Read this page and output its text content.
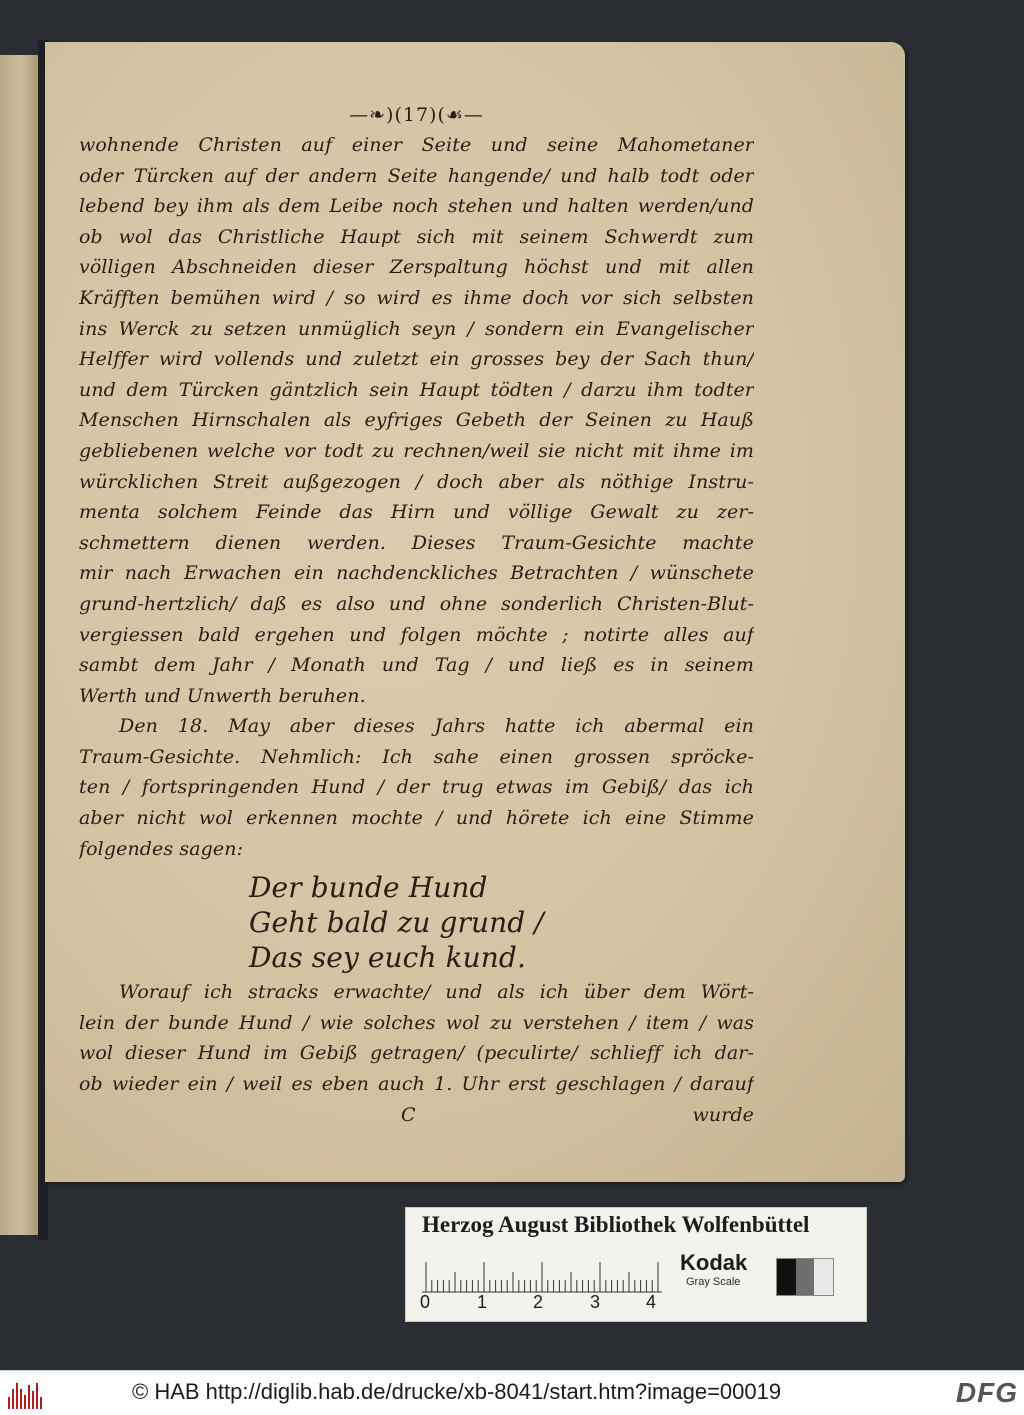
—❧)(17)(☙—
wohnende Christen auf einer Seite und seine Mahometaner
oder Türcken auf der andern Seite hangende/ und halb todt oder
lebend bey ihm als dem Leibe noch stehen und halten werden/und
ob wol das Christliche Haupt sich mit seinem Schwerdt zum
völligen Abschneiden dieser Zerspaltung höchst und mit allen
Kräfften bemühen wird / so wird es ihme doch vor sich selbsten
ins Werck zu setzen unmüglich seyn / sondern ein Evangelischer
Helffer wird vollends und zuletzt ein grosses bey der Sach thun/
und dem Türcken gäntzlich sein Haupt tödten / darzu ihm todter
Menschen Hirnschalen als eyfriges Gebeth der Seinen zu Hauß
gebliebenen welche vor todt zu rechnen/weil sie nicht mit ihme im
würcklichen Streit außgezogen / doch aber als nöthige Instru-
menta solchem Feinde das Hirn und völlige Gewalt zu zer-
schmettern dienen werden. Dieses Traum-Gesichte machte
mir nach Erwachen ein nachdenckliches Betrachten / wünschete
grund-hertzlich/ daß es also und ohne sonderlich Christen-Blut-
vergiessen bald ergehen und folgen möchte ; notirte alles auf
sambt dem Jahr / Monath und Tag / und ließ es in seinem
Werth und Unwerth beruhen.
Den 18. May aber dieses Jahrs hatte ich abermal ein
Traum-Gesichte. Nehmlich: Ich sahe einen grossen spröcke-
ten / fortspringenden Hund / der trug etwas im Gebiß/ das ich
aber nicht wol erkennen mochte / und hörete ich eine Stimme
folgendes sagen:
Der bunde Hund
Geht bald zu grund /
Das sey euch kund.
Worauf ich stracks erwachte/ und als ich über dem Wört-
lein der bunde Hund / wie solches wol zu verstehen / item / was
wol dieser Hund im Gebiß getragen/ (peculirte/ schlieff ich dar-
ob wieder ein / weil es eben auch 1. Uhr erst geschlagen / darauf
C	wurde
Herzog August Bibliothek Wolfenbüttel
0	1	2	3	4
Kodak
Gray Scale
© HAB http://diglib.hab.de/drucke/xb-8041/start.htm?image=00019	DFG
